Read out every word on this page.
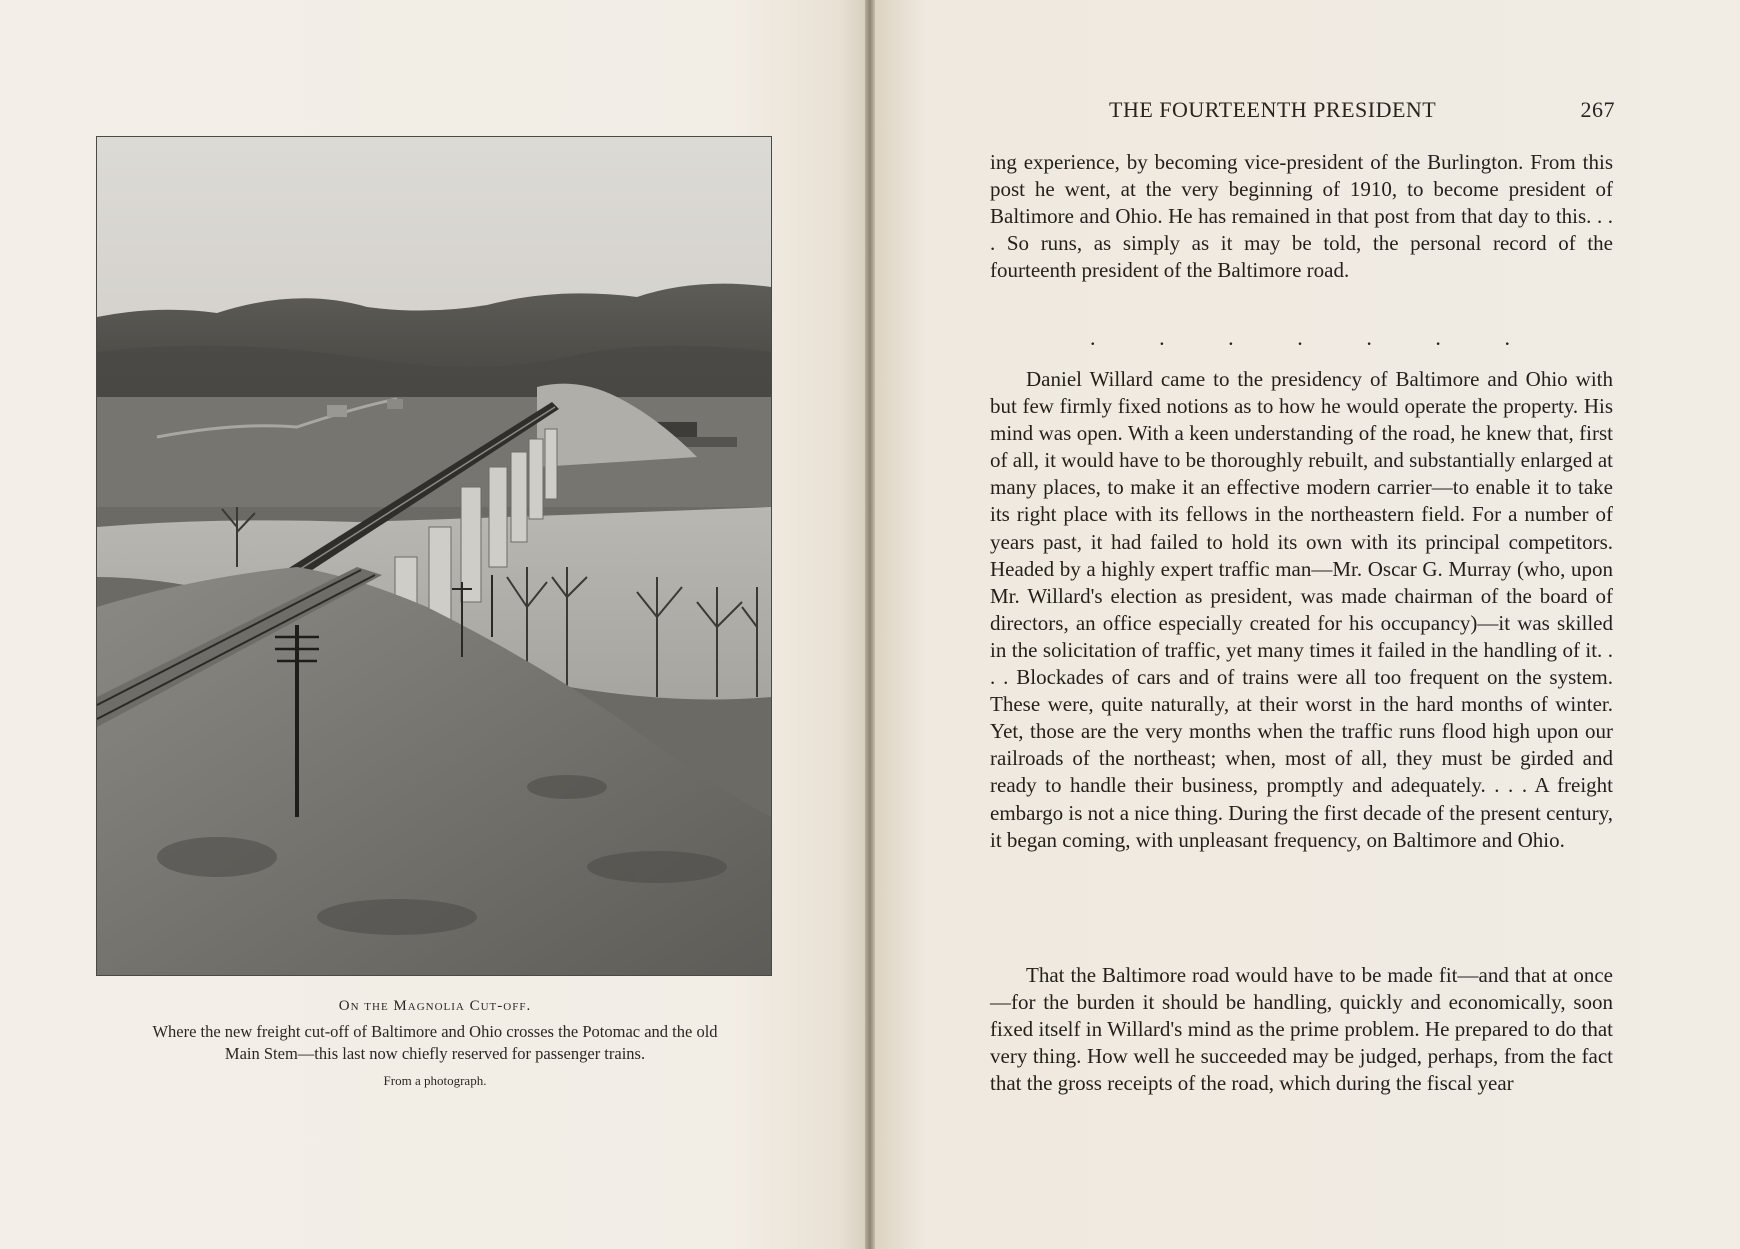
On the Magnolia Cut-off.
Where the new freight cut-off of Baltimore and Ohio crosses the Potomac and the old
Main Stem—this last now chiefly reserved for passenger trains.
From a photograph.
THE FOURTEENTH PRESIDENT	267
ing experience, by becoming vice-president of the Burlington. From this post he went, at the very beginning of 1910, to become president of Baltimore and Ohio. He has remained in that post from that day to this. . . . So runs, as simply as it may be told, the personal record of the fourteenth president of the Baltimore road.
.	.	.	.	.	.	.
Daniel Willard came to the presidency of Baltimore and Ohio with but few firmly fixed notions as to how he would operate the property. His mind was open. With a keen understanding of the road, he knew that, first of all, it would have to be thoroughly rebuilt, and substantially enlarged at many places, to make it an effective modern carrier—to enable it to take its right place with its fellows in the northeastern field. For a number of years past, it had failed to hold its own with its principal competitors. Headed by a highly expert traffic man—Mr. Oscar G. Murray (who, upon Mr. Willard's election as president, was made chairman of the board of directors, an office especially created for his occupancy)—it was skilled in the solicitation of traffic, yet many times it failed in the handling of it. . . . Blockades of cars and of trains were all too frequent on the system. These were, quite naturally, at their worst in the hard months of winter. Yet, those are the very months when the traffic runs flood high upon our railroads of the northeast; when, most of all, they must be girded and ready to handle their business, promptly and adequately. . . . A freight embargo is not a nice thing. During the first decade of the present century, it began coming, with unpleasant frequency, on Baltimore and Ohio.
That the Baltimore road would have to be made fit—and that at once—for the burden it should be handling, quickly and economically, soon fixed itself in Willard's mind as the prime problem. He prepared to do that very thing. How well he succeeded may be judged, perhaps, from the fact that the gross receipts of the road, which during the fiscal year
